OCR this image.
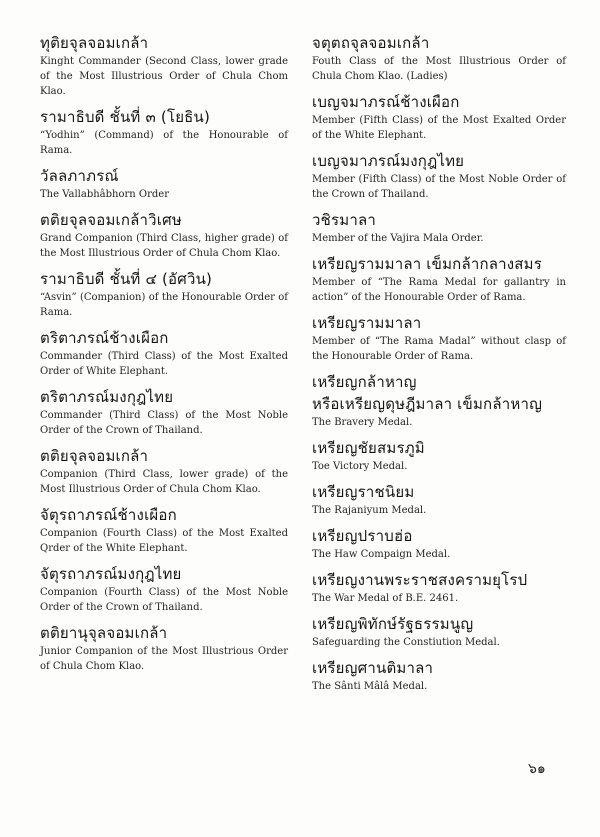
ทุติยจุลจอมเกล้า
Kinght Commander (Second Class, lower grade of the Most Illustrious Order of Chula Chom Klao.
รามาธิบดี ชั้นที่ ๓ (โยธิน)
“Yodhin” (Command) of the Honourable of Rama.
วัลลภาภรณ์
The Vallabhâbhorn Order
ตติยจุลจอมเกล้าวิเศษ
Grand Companion (Third Class, higher grade) of the Most Illustrious Order of Chula Chom Klao.
รามาธิบดี ชั้นที่ ๔ (อัศวิน)
“Asvin” (Companion) of the Honourable Order of Rama.
ตริตาภรณ์ช้างเผือก
Commander (Third Class) of the Most Exalted Order of White Elephant.
ตริตาภรณ์มงกุฎไทย
Commander (Third Class) of the Most Noble Order of the Crown of Thailand.
ตติยจุลจอมเกล้า
Companion (Third Class, lower grade) of the Most Illustrious Order of Chula Chom Klao.
จัตุรถาภรณ์ช้างเผือก
Companion (Fourth Class) of the Most Exalted Qrder of the White Elephant.
จัตุรถาภรณ์มงกุฎไทย
Companion (Fourth Class) of the Most Noble Order of the Crown of Thailand.
ตติยานุจุลจอมเกล้า
Junior Companion of the Most Illustrious Order of Chula Chom Klao.
จตุตถจุลจอมเกล้า
Fouth Class of the Most Illustrious Order of Chula Chom Klao. (Ladies)
เบญจมาภรณ์ช้างเผือก
Member (Fifth Class) of the Most Exalted Order of the White Elephant.
เบญจมาภรณ์มงกุฎไทย
Member (Fifth Class) of the Most Noble Order of the Crown of Thailand.
วชิรมาลา
Member of the Vajira Mala Order.
เหรียญรามมาลา เข็มกล้ากลางสมร
Member of “The Rama Medal for gallantry in action” of the Honourable Order of Rama.
เหรียญรามมาลา
Member of “The Rama Madal” without clasp of the Honourable Order of Rama.
เหรียญกล้าหาญ
หรือเหรียญดุษฎีมาลา เข็มกล้าหาญ
The Bravery Medal.
เหรียญชัยสมรภูมิ
Toe Victory Medal.
เหรียญราชนิยม
The Rajaniyum Medal.
เหรียญปราบฮ่อ
The Haw Compaign Medal.
เหรียญงานพระราชสงครามยุโรป
The War Medal of B.E. 2461.
เหรียญพิทักษ์รัฐธรรมนูญ
Safeguarding the Constiution Medal.
เหรียญศานติมาลา
The Sânti Mâlâ Medal.
๖๑
